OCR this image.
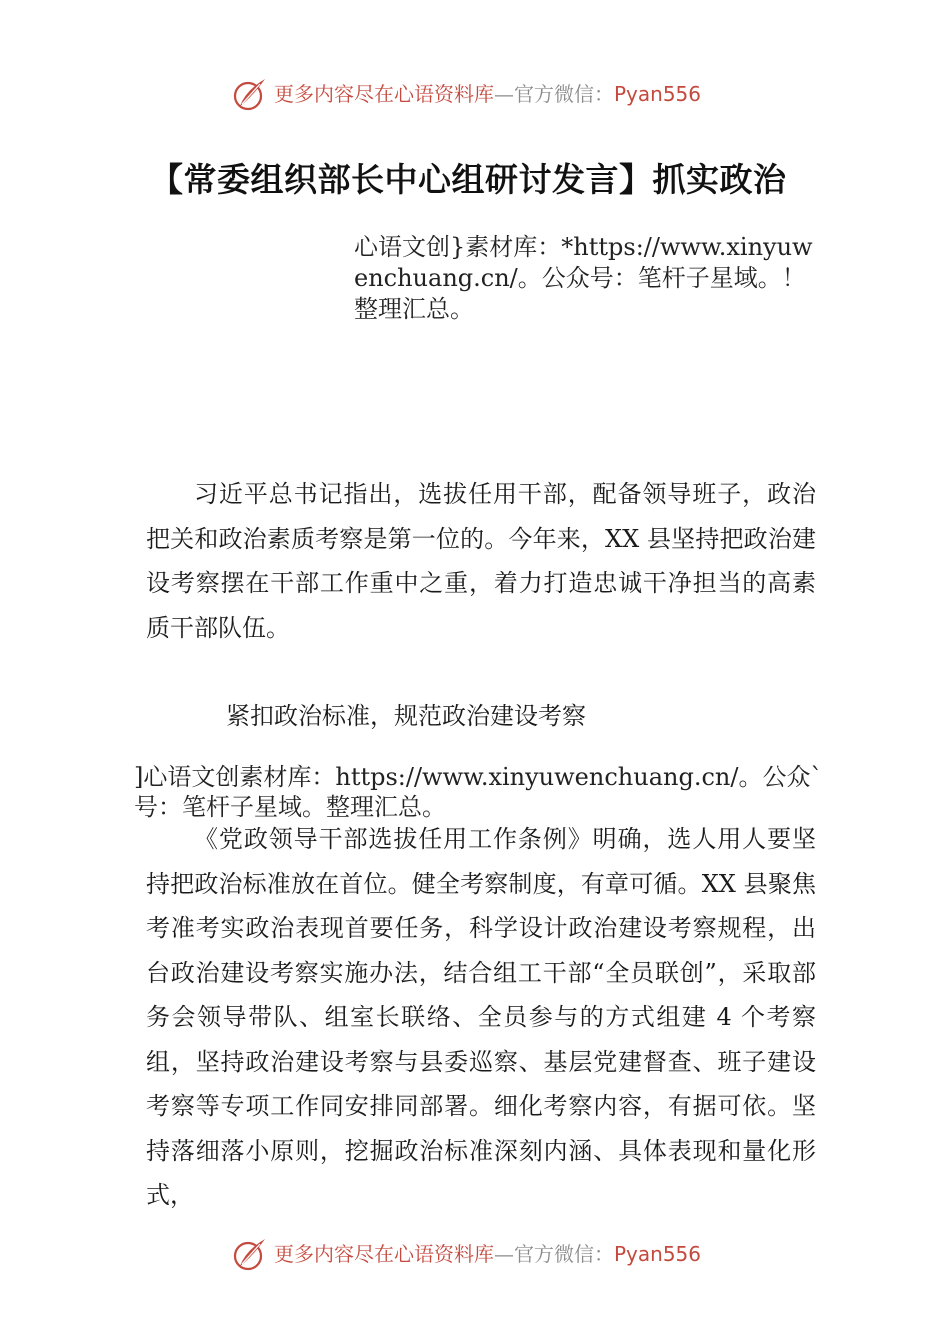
更多内容尽在心语资料库—官方微信：Pyan556
【常委组织部长中心组研讨发言】抓实政治
心语文创}素材库：*https://www.xinyuwenchuang.cn/。公众号：笔杆子星域。！整理汇总。
习近平总书记指出，选拔任用干部，配备领导班子，政治把关和政治素质考察是第一位的。今年来，XX 县坚持把政治建设考察摆在干部工作重中之重，着力打造忠诚干净担当的高素质干部队伍。
紧扣政治标准，规范政治建设考察
]心语文创素材库：https://www.xinyuwenchuang.cn/。公众`号：笔杆子星域。整理汇总。
《党政领导干部选拔任用工作条例》明确，选人用人要坚持把政治标准放在首位。健全考察制度，有章可循。XX 县聚焦考准考实政治表现首要任务，科学设计政治建设考察规程，出台政治建设考察实施办法，结合组工干部“全员联创”，采取部务会领导带队、组室长联络、全员参与的方式组建 4 个考察组，坚持政治建设考察与县委巡察、基层党建督查、班子建设考察等专项工作同安排同部署。细化考察内容，有据可依。坚持落细落小原则，挖掘政治标准深刻内涵、具体表现和量化形式，
更多内容尽在心语资料库—官方微信：Pyan556
